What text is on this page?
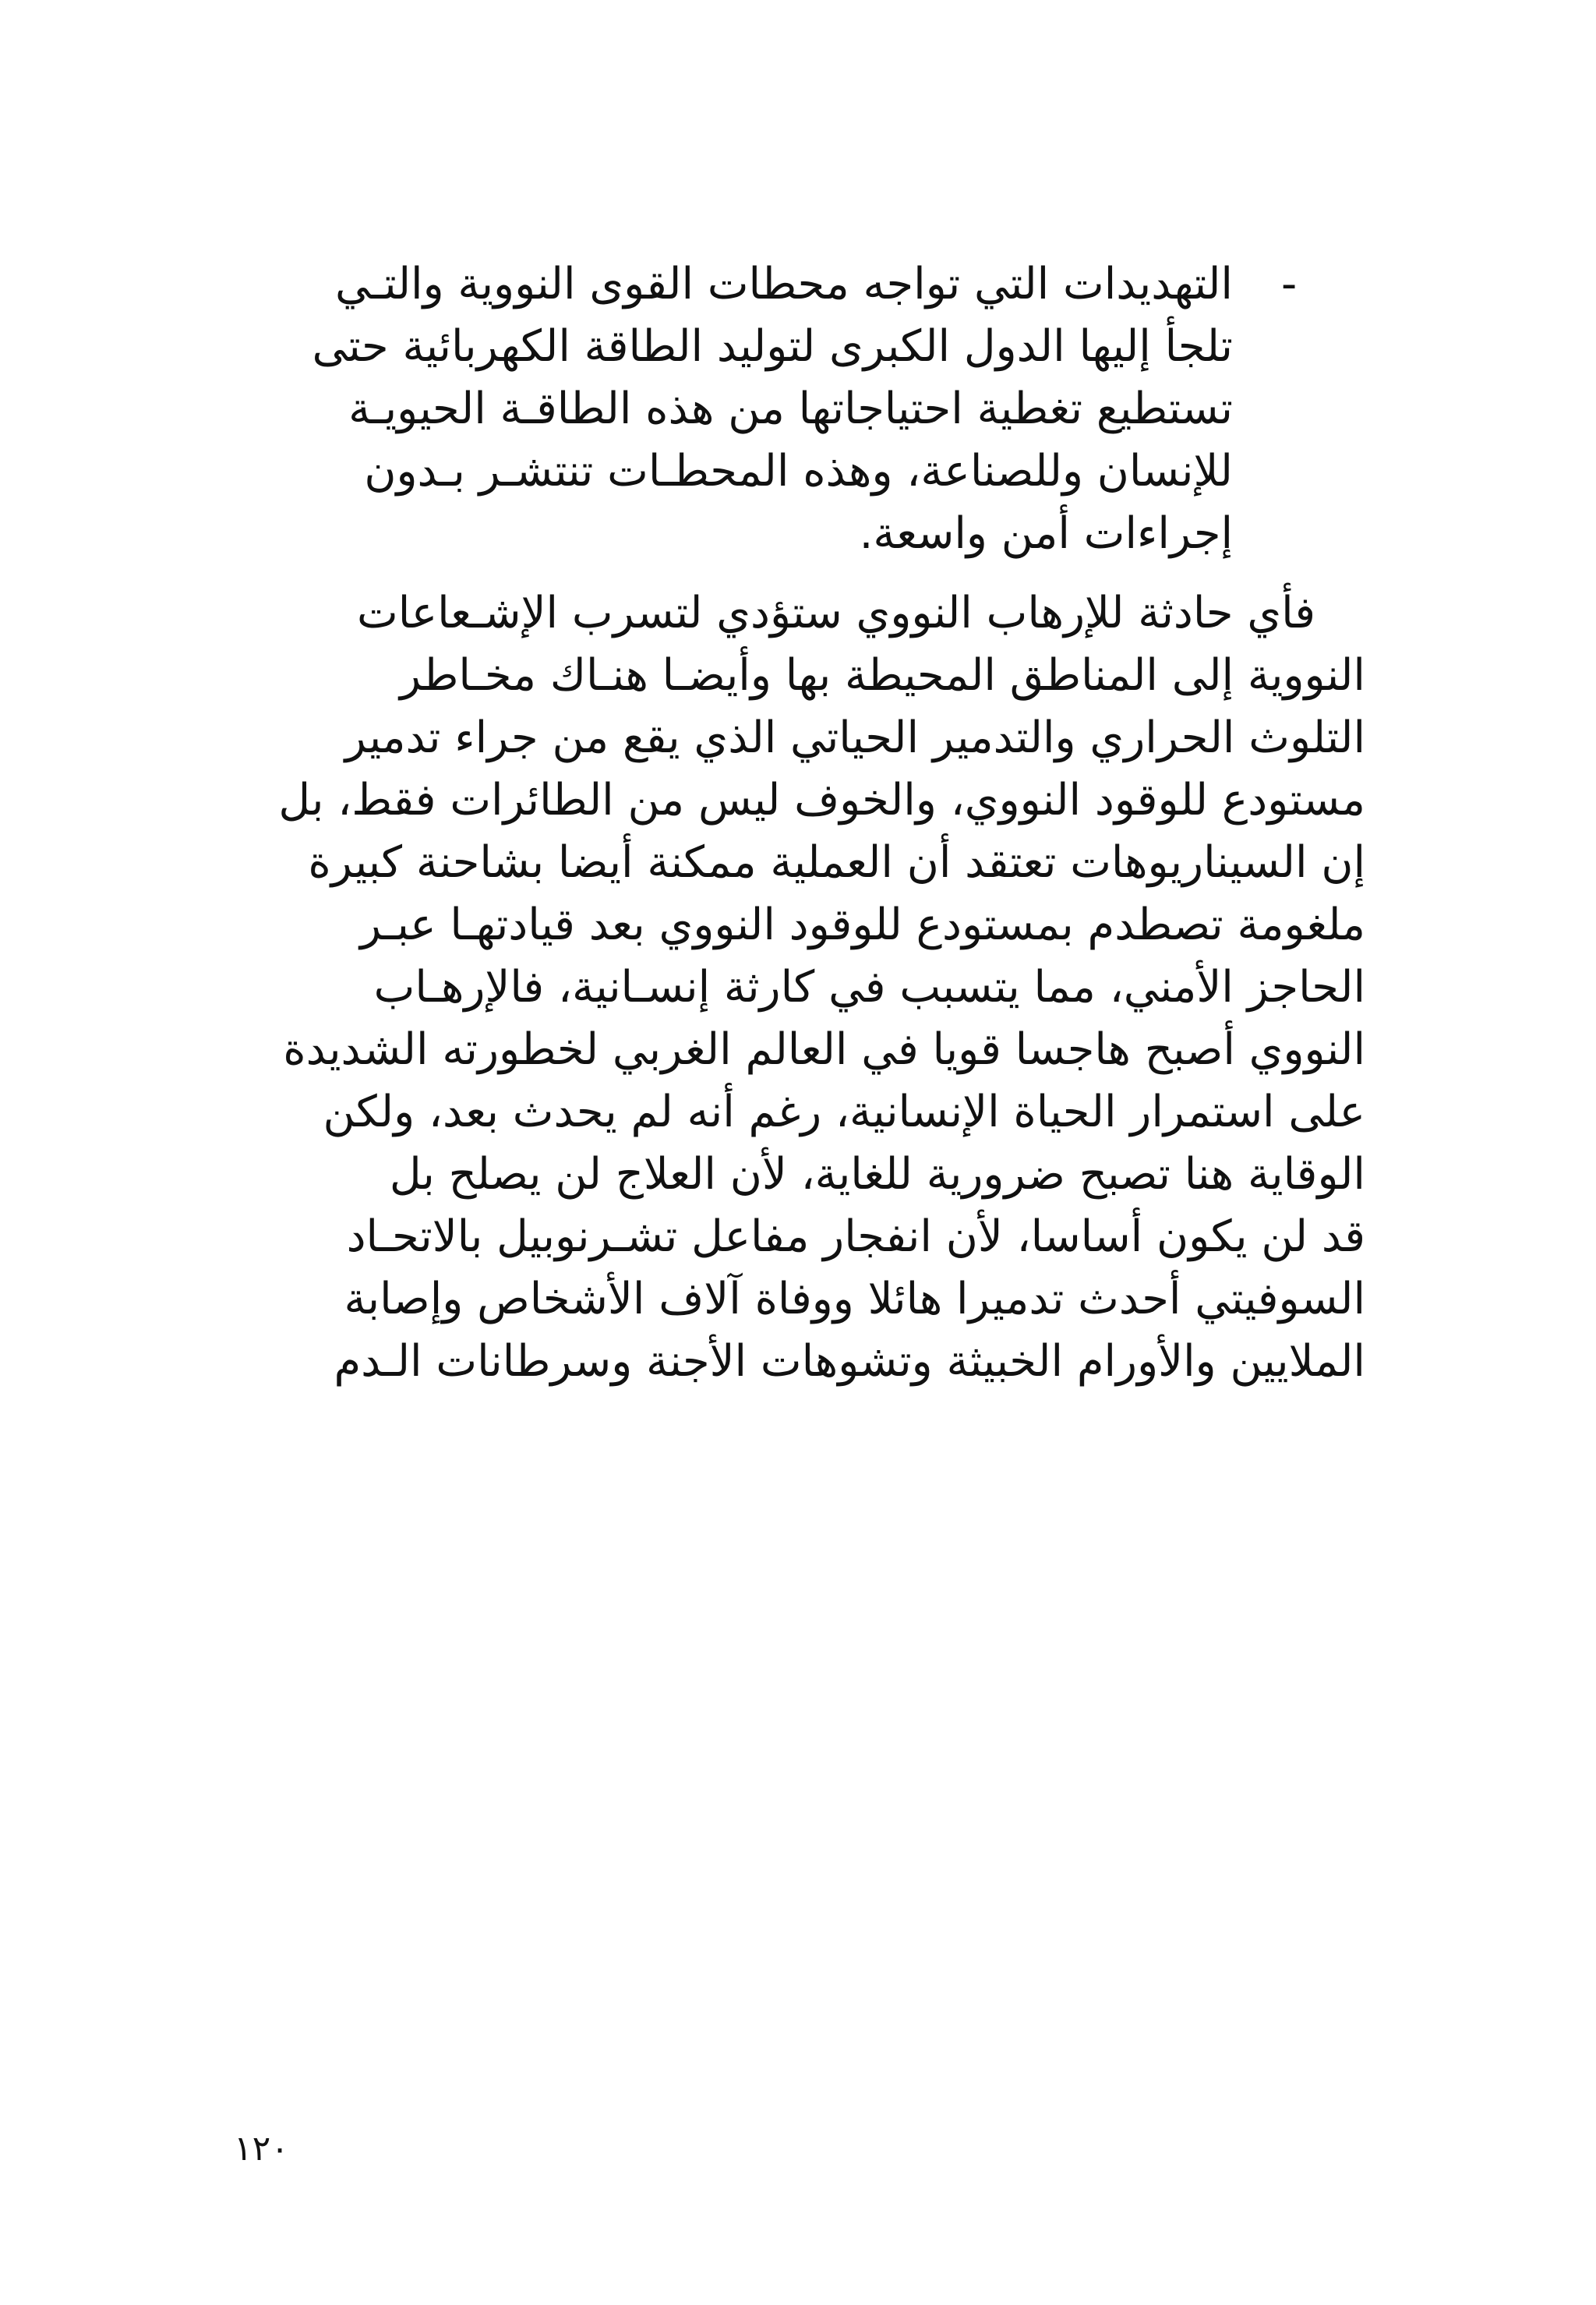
-
التهديدات التي تواجه محطات القوى النووية والتـي
تلجأ إليها الدول الكبرى لتوليد الطاقة الكهربائية حتى
تستطيع تغطية احتياجاتها من هذه الطاقـة الحيويـة
للإنسان وللصناعة، وهذه المحطـات تنتشـر بـدون
إجراءات أمن واسعة.
فأي حادثة للإرهاب النووي ستؤدي لتسرب الإشـعاعات
النووية إلى المناطق المحيطة بها وأيضـا هنـاك مخـاطر
التلوث الحراري والتدمير الحياتي الذي يقع من جراء تدمير
مستودع للوقود النووي، والخوف ليس من الطائرات فقط، بل
إن السيناريوهات تعتقد أن العملية ممكنة أيضا بشاحنة كبيرة
ملغومة تصطدم بمستودع للوقود النووي بعد قيادتهـا عبـر
الحاجز الأمني، مما يتسبب في كارثة إنسـانية، فالإرهـاب
النووي أصبح هاجسا قويا في العالم الغربي لخطورته الشديدة
على استمرار الحياة الإنسانية، رغم أنه لم يحدث بعد، ولكن
الوقاية هنا تصبح ضرورية للغاية، لأن العلاج لن يصلح بل
قد لن يكون أساسا، لأن انفجار مفاعل تشـرنوبيل بالاتحـاد
السوفيتي أحدث تدميرا هائلا ووفاة آلاف الأشخاص وإصابة
الملايين والأورام الخبيثة وتشوهات الأجنة وسرطانات الـدم
١٢٠
